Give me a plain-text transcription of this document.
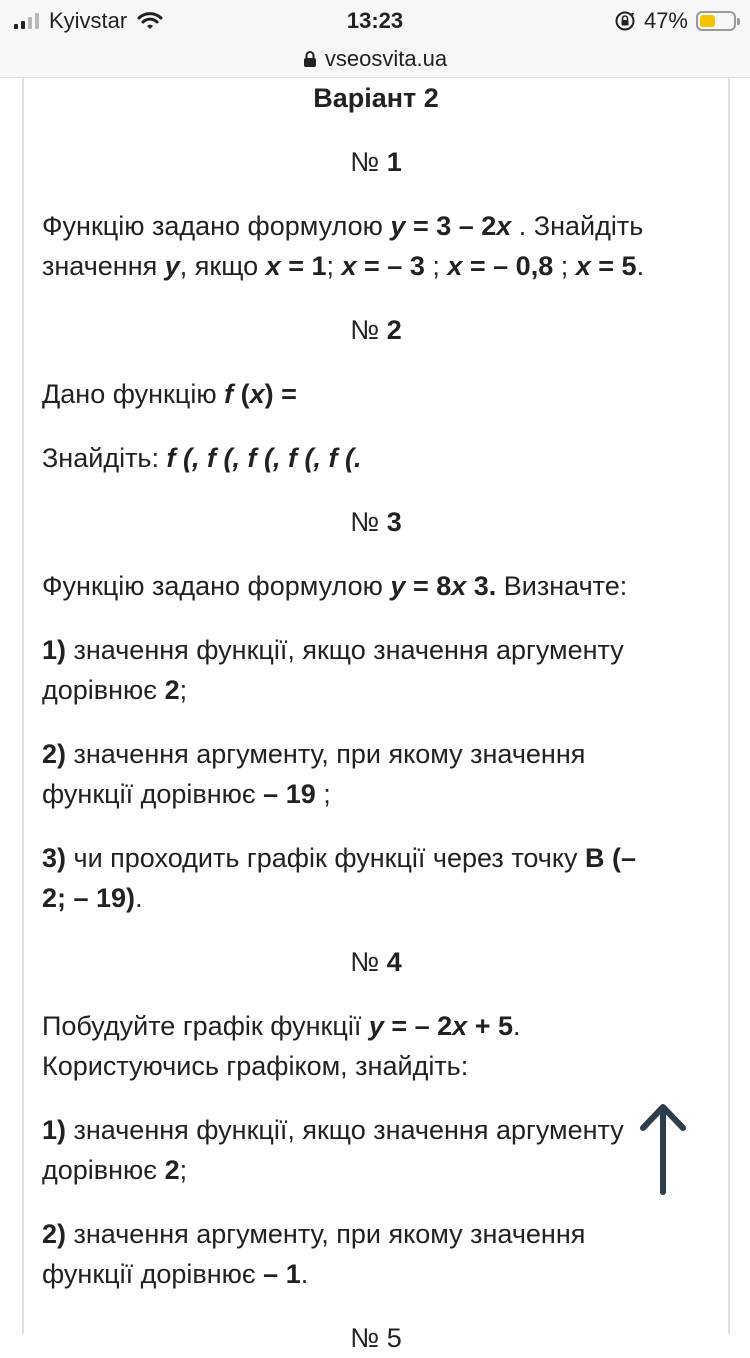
Kyivstar	13:23	47%
vseosvita.ua

Варіант 2

№ 1

Функцію задано формулою y = 3 – 2x . Знайдіть

значення y, якщо x = 1; x = – 3 ; x = – 0,8 ; x = 5.

№ 2

Дано функцію f (x) =

Знайдіть: f (, f (, f (, f (, f (.

№ 3

Функцію задано формулою y = 8x 3. Визначте:

1) значення функції, якщо значення аргументу

дорівнює 2;

2) значення аргументу, при якому значення

функції дорівнює – 19 ;

3) чи проходить графік функції через точку В (–

2; – 19).

№ 4

Побудуйте графік функції y = – 2x + 5.

Користуючись графіком, знайдіть:

1) значення функції, якщо значення аргументу

дорівнює 2;

2) значення аргументу, при якому значення

функції дорівнює – 1.

№ 5
